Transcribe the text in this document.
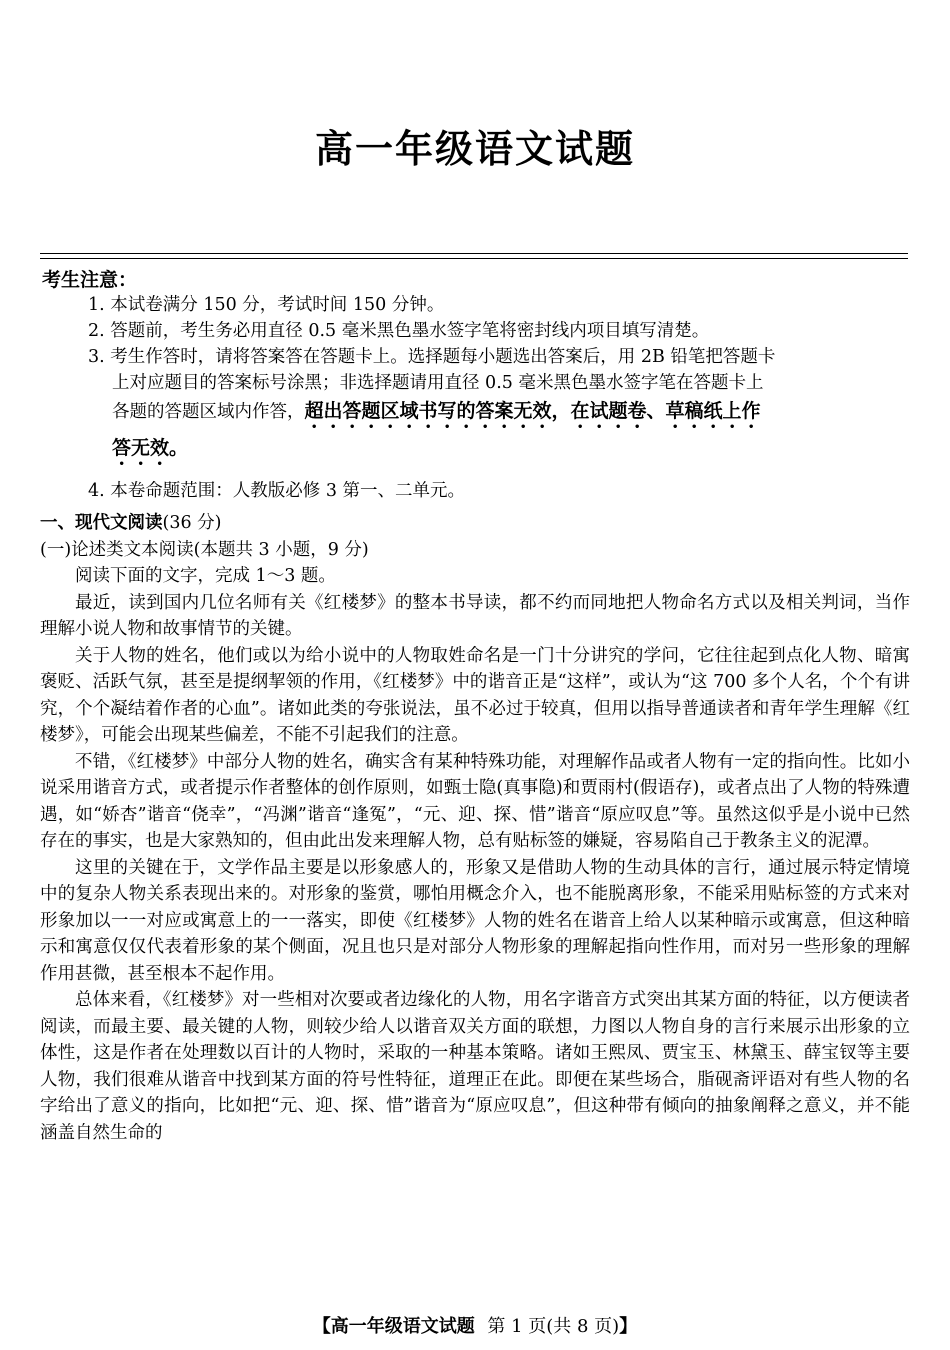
高一年级语文试题
考生注意：
1. 本试卷满分 150 分，考试时间 150 分钟。
2. 答题前，考生务必用直径 0.5 毫米黑色墨水签字笔将密封线内项目填写清楚。
3. 考生作答时，请将答案答在答题卡上。选择题每小题选出答案后，用 2B 铅笔把答题卡
上对应题目的答案标号涂黑；非选择题请用直径 0.5 毫米黑色墨水签字笔在答题卡上
各题的答题区域内作答，超出答题区域书写的答案无效，在试题卷、草稿纸上作
答无效。
4. 本卷命题范围：人教版必修 3 第一、二单元。
一、现代文阅读(36 分)
(一)论述类文本阅读(本题共 3 小题，9 分)

阅读下面的文字，完成 1～3 题。

最近，读到国内几位名师有关《红楼梦》的整本书导读，都不约而同地把人物命名方式以及相关判词，当作理解小说人物和故事情节的关键。

关于人物的姓名，他们或以为给小说中的人物取姓命名是一门十分讲究的学问，它往往起到点化人物、暗寓褒贬、活跃气氛，甚至是提纲挈领的作用，《红楼梦》中的谐音正是“这样”，或认为“这 700 多个人名，个个有讲究，个个凝结着作者的心血”。诸如此类的夸张说法，虽不必过于较真，但用以指导普通读者和青年学生理解《红楼梦》，可能会出现某些偏差，不能不引起我们的注意。

不错，《红楼梦》中部分人物的姓名，确实含有某种特殊功能，对理解作品或者人物有一定的指向性。比如小说采用谐音方式，或者提示作者整体的创作原则，如甄士隐(真事隐)和贾雨村(假语存)，或者点出了人物的特殊遭遇，如“娇杏”谐音“侥幸”，“冯渊”谐音“逢冤”，“元、迎、探、惜”谐音“原应叹息”等。虽然这似乎是小说中已然存在的事实，也是大家熟知的，但由此出发来理解人物，总有贴标签的嫌疑，容易陷自己于教条主义的泥潭。

这里的关键在于，文学作品主要是以形象感人的，形象又是借助人物的生动具体的言行，通过展示特定情境中的复杂人物关系表现出来的。对形象的鉴赏，哪怕用概念介入，也不能脱离形象，不能采用贴标签的方式来对形象加以一一对应或寓意上的一一落实，即使《红楼梦》人物的姓名在谐音上给人以某种暗示或寓意，但这种暗示和寓意仅仅代表着形象的某个侧面，况且也只是对部分人物形象的理解起指向性作用，而对另一些形象的理解作用甚微，甚至根本不起作用。

总体来看，《红楼梦》对一些相对次要或者边缘化的人物，用名字谐音方式突出其某方面的特征，以方便读者阅读，而最主要、最关键的人物，则较少给人以谐音双关方面的联想，力图以人物自身的言行来展示出形象的立体性，这是作者在处理数以百计的人物时，采取的一种基本策略。诸如王熙凤、贾宝玉、林黛玉、薛宝钗等主要人物，我们很难从谐音中找到某方面的符号性特征，道理正在此。即便在某些场合，脂砚斋评语对有些人物的名字给出了意义的指向，比如把“元、迎、探、惜”谐音为“原应叹息”，但这种带有倾向的抽象阐释之意义，并不能涵盖自然生命的

【高一年级语文试题 第 1 页(共 8 页)】
